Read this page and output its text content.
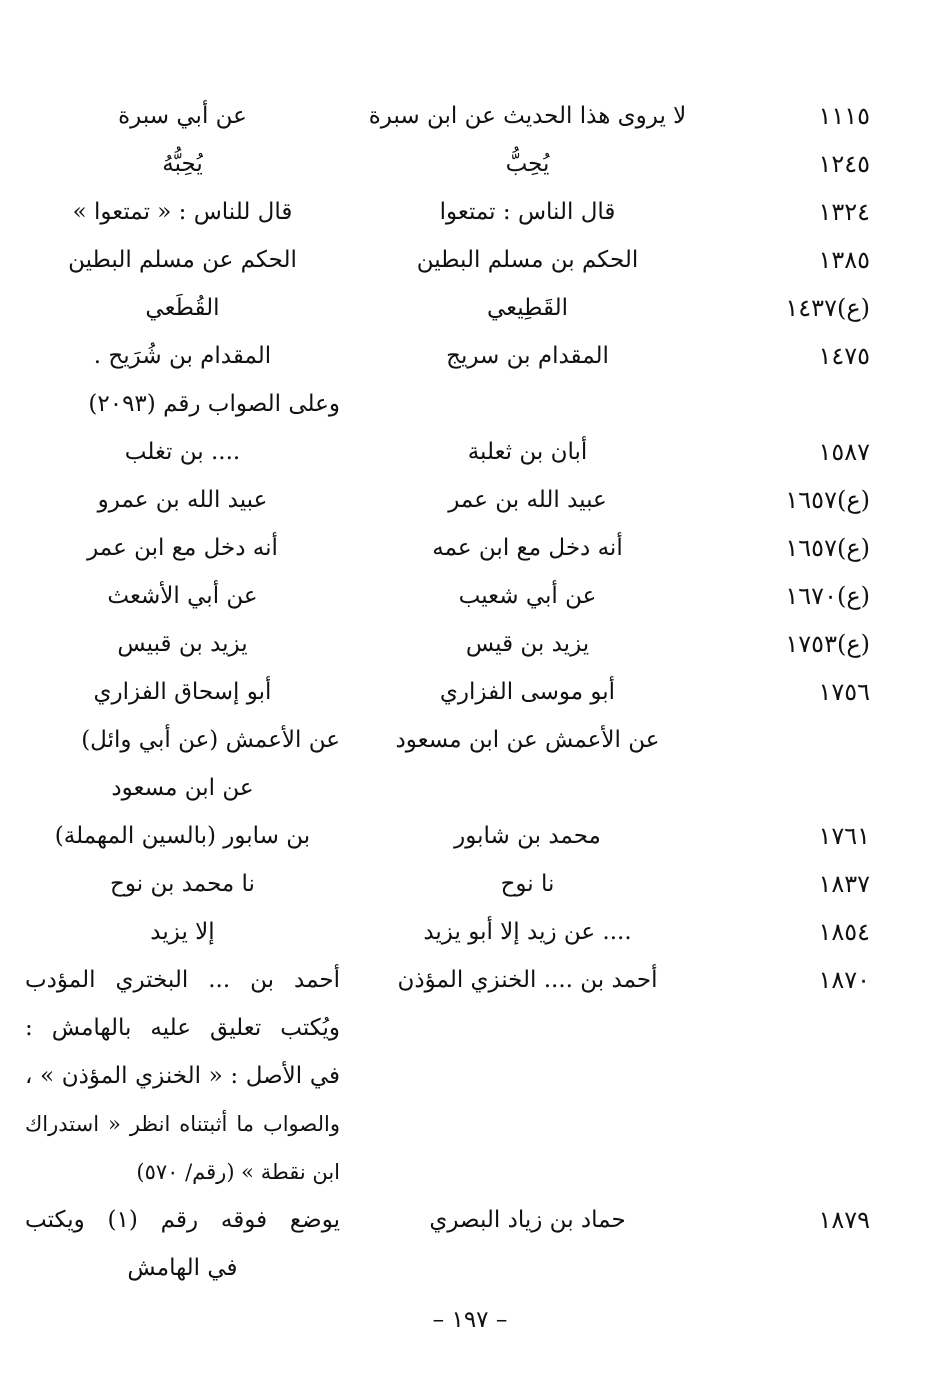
١١١٥
لا يروى هذا الحديث عن ابن سبرة
عن أبي سبرة
١٢٤٥
يُحِبُّ
يُحِبُّهُ
١٣٢٤
قال الناس : تمتعوا
قال للناس : « تمتعوا »
١٣٨٥
الحكم بن مسلم البطين
الحكم عن مسلم البطين
(ع)١٤٣٧
القَطِيعي
القُطَعي
١٤٧٥
المقدام بن سريج
المقدام بن شُرَيح .
وعلى الصواب رقم (٢٠٩٣)
١٥٨٧
أبان بن ثعلبة
.... بن تغلب
(ع)١٦٥٧
عبيد الله بن عمر
عبيد الله بن عمرو
(ع)١٦٥٧
أنه دخل مع ابن عمه
أنه دخل مع ابن عمر
(ع)١٦٧٠
عن أبي شعيب
عن أبي الأشعث
(ع)١٧٥٣
يزيد بن قيس
يزيد بن قبيس
١٧٥٦
أبو موسى الفزاري
أبو إسحاق الفزاري
عن الأعمش عن ابن مسعود
عن الأعمش (عن أبي وائل)
عن ابن مسعود
١٧٦١
محمد بن شابور
بن سابور (بالسين المهملة)
١٨٣٧
نا نوح
نا محمد بن نوح
١٨٥٤
.... عن زيد إلا أبو يزيد
إلا يزيد
١٨٧٠
أحمد بن .... الخنزي المؤذن
أحمد بن ... البختري المؤدب
ويُكتب تعليق عليه بالهامش :
في الأصل : « الخنزي المؤذن » ،
والصواب ما أثبتناه انظر « استدراك
ابن نقطة » (رقم/ ٥٧٠)
١٨٧٩
حماد بن زياد البصري
يوضع فوقه رقم (١) ويكتب
في الهامش
– ١٩٧ –
